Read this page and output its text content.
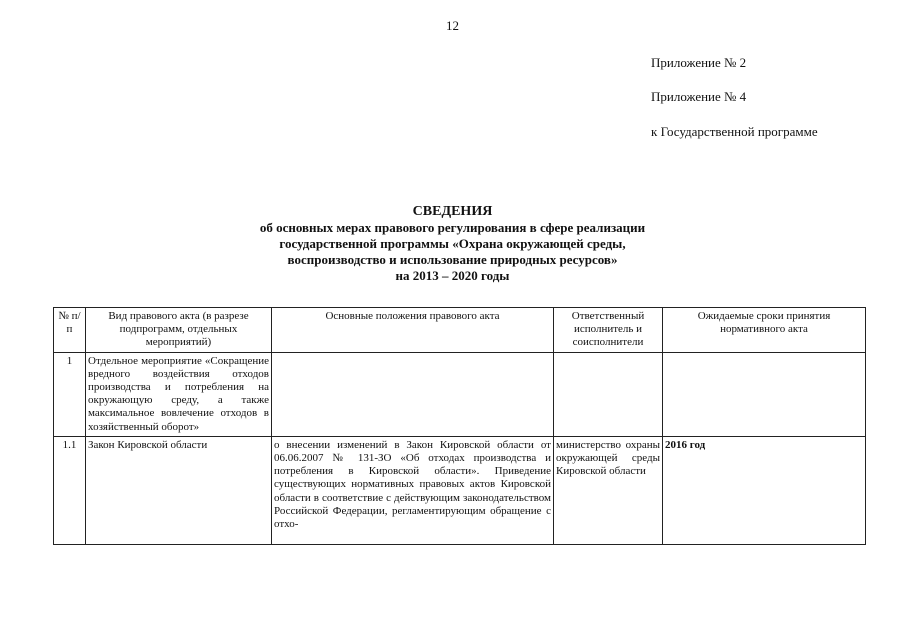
12
Приложение № 2
Приложение № 4
к Государственной программе
СВЕДЕНИЯ
об основных мерах правового регулирования в сфере реализации
государственной программы «Охрана окружающей среды,
воспроизводство и использование природных ресурсов»
на 2013 – 2020 годы
№ п/п	Вид правового акта (в разрезе подпрограмм, отдельных мероприятий)	Основные положения правового акта	Ответственный исполнитель и соисполнители	Ожидаемые сроки принятия нормативного акта
1	Отдельное мероприятие «Сокращение вредного воздействия отходов производства и потребления на окружающую среду, а также максимальное вовлечение отходов в хозяйственный оборот»			
1.1	Закон Кировской области	о внесении изменений в Закон Кировской области от 06.06.2007 № 131-ЗО «Об отходах производства и потребления в Кировской области». Приведение существующих нормативных правовых актов Кировской области в соответствие с действующим законодательством Российской Федерации, регламентирующим обращение с отхо-	министерство охраны окружающей среды Кировской области	2016 год
